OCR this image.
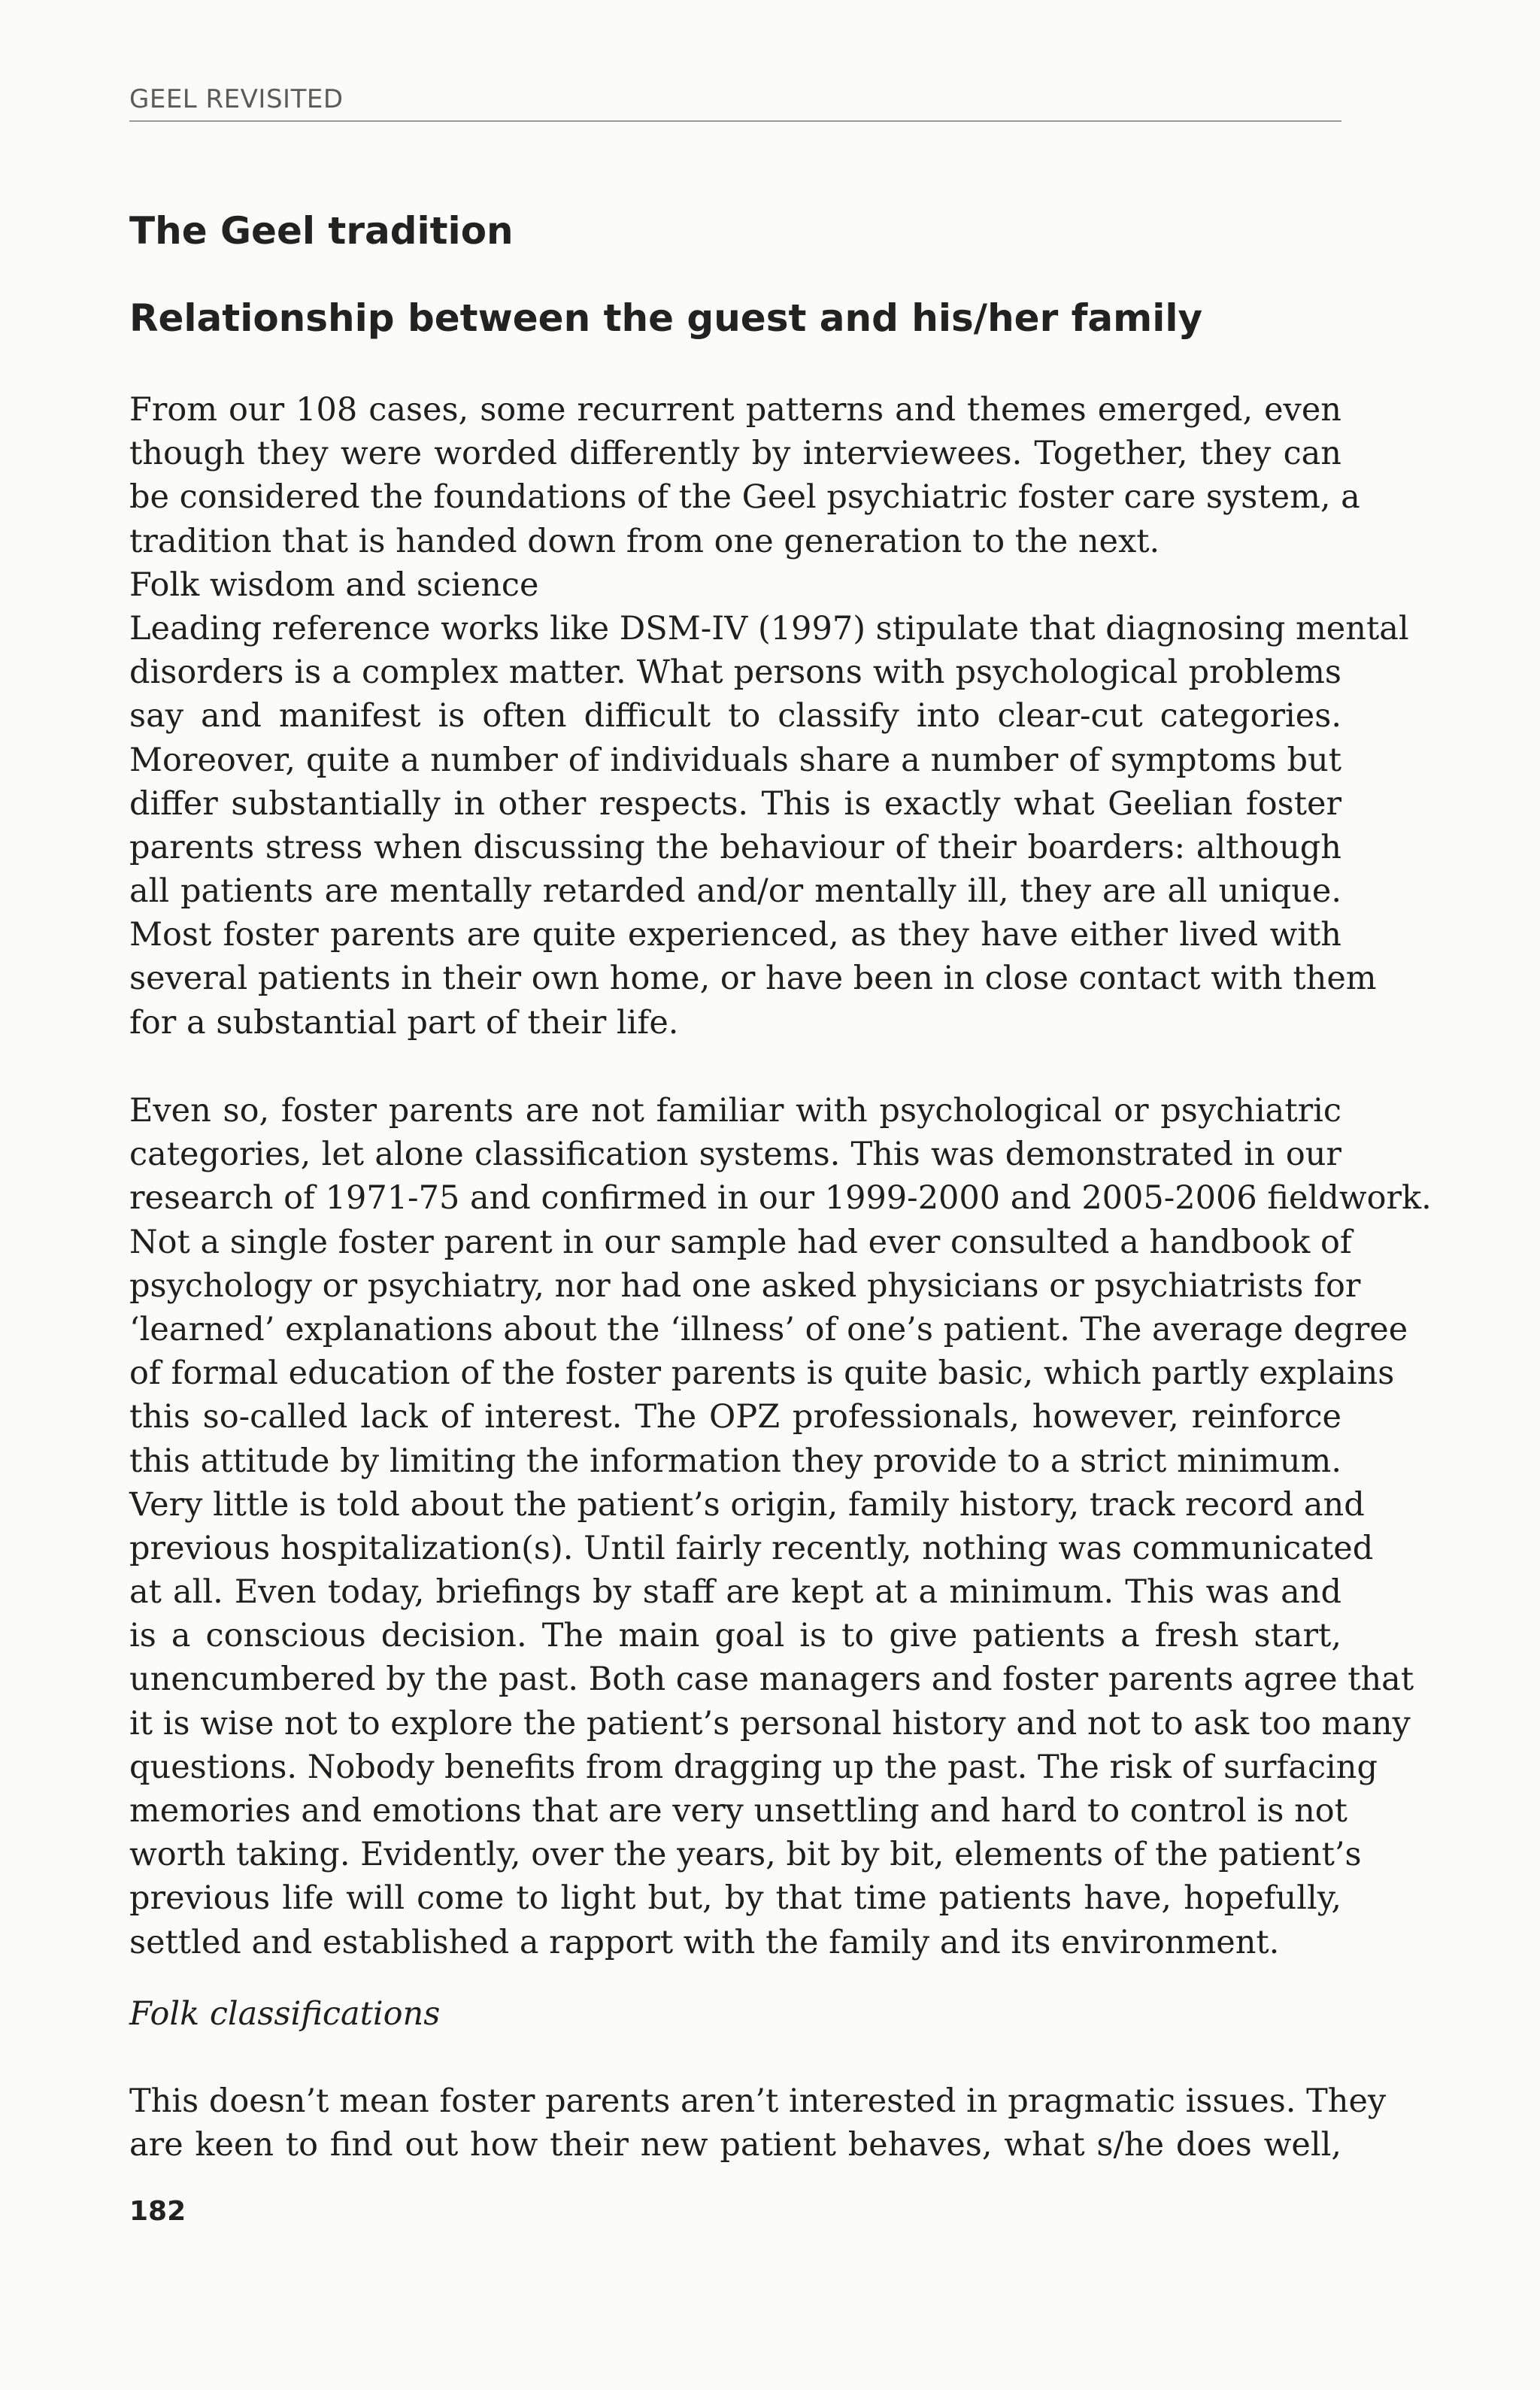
GEEL REVISITED
The Geel tradition
Relationship between the guest and his/her family
From our 108 cases, some recurrent patterns and themes emerged, even
though they were worded differently by interviewees. Together, they can
be considered the foundations of the Geel psychiatric foster care system, a
tradition that is handed down from one generation to the next.
Folk wisdom and science
Leading reference works like DSM-IV (1997) stipulate that diagnosing mental
disorders is a complex matter. What persons with psychological problems
say and manifest is often difficult to classify into clear-cut categories.
Moreover, quite a number of individuals share a number of symptoms but
differ substantially in other respects. This is exactly what Geelian foster
parents stress when discussing the behaviour of their boarders: although
all patients are mentally retarded and/or mentally ill, they are all unique.
Most foster parents are quite experienced, as they have either lived with
several patients in their own home, or have been in close contact with them
for a substantial part of their life.
Even so, foster parents are not familiar with psychological or psychiatric
categories, let alone classification systems. This was demonstrated in our
research of 1971-75 and confirmed in our 1999-2000 and 2005-2006 fieldwork.
Not a single foster parent in our sample had ever consulted a handbook of
psychology or psychiatry, nor had one asked physicians or psychiatrists for
‘learned’ explanations about the ‘illness’ of one’s patient. The average degree
of formal education of the foster parents is quite basic, which partly explains
this so-called lack of interest. The OPZ professionals, however, reinforce
this attitude by limiting the information they provide to a strict minimum.
Very little is told about the patient’s origin, family history, track record and
previous hospitalization(s). Until fairly recently, nothing was communicated
at all. Even today, briefings by staff are kept at a minimum. This was and
is a conscious decision. The main goal is to give patients a fresh start,
unencumbered by the past. Both case managers and foster parents agree that
it is wise not to explore the patient’s personal history and not to ask too many
questions. Nobody benefits from dragging up the past. The risk of surfacing
memories and emotions that are very unsettling and hard to control is not
worth taking. Evidently, over the years, bit by bit, elements of the patient’s
previous life will come to light but, by that time patients have, hopefully,
settled and established a rapport with the family and its environment.
Folk classifications
This doesn’t mean foster parents aren’t interested in pragmatic issues. They
are keen to find out how their new patient behaves, what s/he does well,
182
